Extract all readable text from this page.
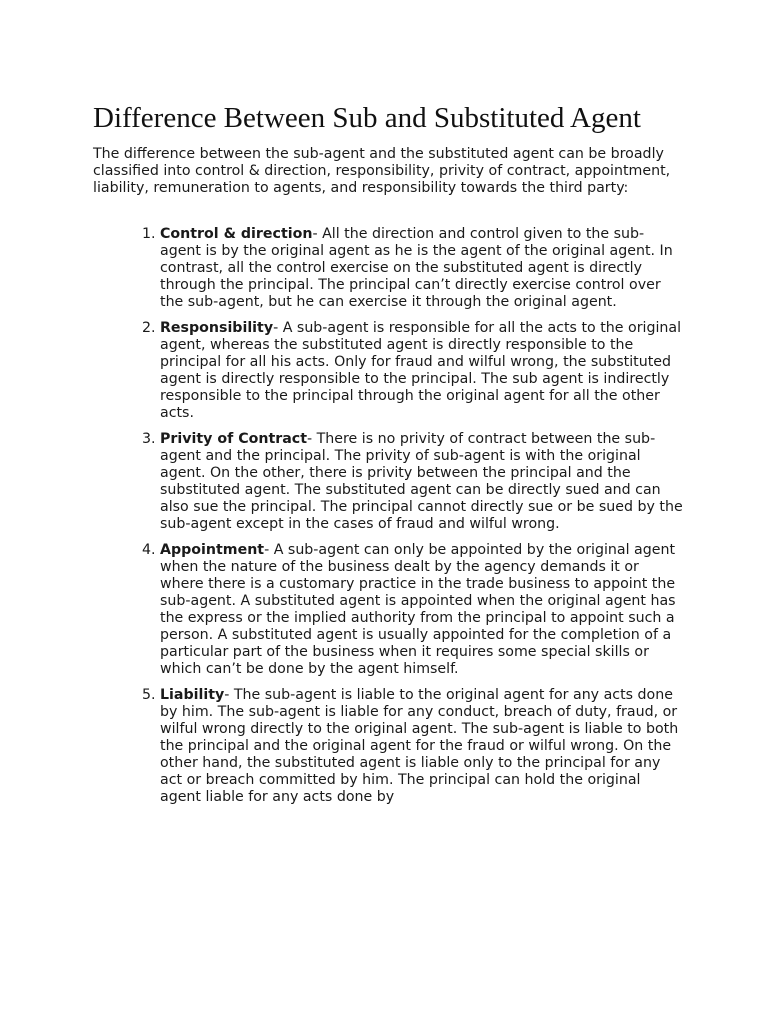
Difference Between Sub and Substituted Agent

The difference between the sub-agent and the substituted agent can be broadly classified into control & direction, responsibility, privity of contract, appointment, liability, remuneration to agents, and responsibility towards the third party:

1. Control & direction- All the direction and control given to the sub-agent is by the original agent as he is the agent of the original agent. In contrast, all the control exercise on the substituted agent is directly through the principal. The principal can’t directly exercise control over the sub-agent, but he can exercise it through the original agent.
2. Responsibility- A sub-agent is responsible for all the acts to the original agent, whereas the substituted agent is directly responsible to the principal for all his acts. Only for fraud and wilful wrong, the substituted agent is directly responsible to the principal. The sub agent is indirectly responsible to the principal through the original agent for all the other acts.
3. Privity of Contract- There is no privity of contract between the sub-agent and the principal. The privity of sub-agent is with the original agent. On the other, there is privity between the principal and the substituted agent. The substituted agent can be directly sued and can also sue the principal. The principal cannot directly sue or be sued by the sub-agent except in the cases of fraud and wilful wrong.
4. Appointment- A sub-agent can only be appointed by the original agent when the nature of the business dealt by the agency demands it or where there is a customary practice in the trade business to appoint the sub-agent. A substituted agent is appointed when the original agent has the express or the implied authority from the principal to appoint such a person. A substituted agent is usually appointed for the completion of a particular part of the business when it requires some special skills or which can’t be done by the agent himself.
5. Liability- The sub-agent is liable to the original agent for any acts done by him. The sub-agent is liable for any conduct, breach of duty, fraud, or wilful wrong directly to the original agent. The sub-agent is liable to both the principal and the original agent for the fraud or wilful wrong. On the other hand, the substituted agent is liable only to the principal for any act or breach committed by him. The principal can hold the original agent liable for any acts done by
